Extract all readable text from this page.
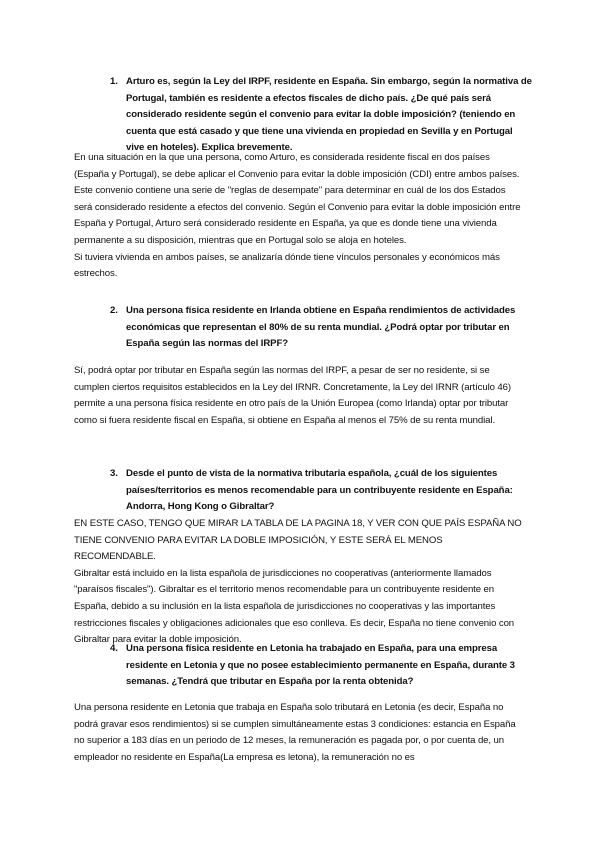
1. Arturo es, según la Ley del IRPF, residente en España. Sin embargo, según la normativa de Portugal, también es residente a efectos fiscales de dicho país. ¿De qué país será considerado residente según el convenio para evitar la doble imposición? (teniendo en cuenta que está casado y que tiene una vivienda en propiedad en Sevilla y en Portugal vive en hoteles). Explica brevemente.

En una situación en la que una persona, como Arturo, es considerada residente fiscal en dos países (España y Portugal), se debe aplicar el Convenio para evitar la doble imposición (CDI) entre ambos países. Este convenio contiene una serie de "reglas de desempate" para determinar en cuál de los dos Estados será considerado residente a efectos del convenio. Según el Convenio para evitar la doble imposición entre España y Portugal, Arturo será considerado residente en España, ya que es donde tiene una vivienda permanente a su disposición, mientras que en Portugal solo se aloja en hoteles.

Si tuviera vivienda en ambos países, se analizaría dónde tiene vínculos personales y económicos más estrechos.

2. Una persona física residente en Irlanda obtiene en España rendimientos de actividades económicas que representan el 80% de su renta mundial. ¿Podrá optar por tributar en España según las normas del IRPF?

Sí, podrá optar por tributar en España según las normas del IRPF, a pesar de ser no residente, si se cumplen ciertos requisitos establecidos en la Ley del IRNR. Concretamente, la Ley del IRNR (artículo 46) permite a una persona física residente en otro país de la Unión Europea (como Irlanda) optar por tributar como si fuera residente fiscal en España, si obtiene en España al menos el 75% de su renta mundial.

3. Desde el punto de vista de la normativa tributaria española, ¿cuál de los siguientes países/territorios es menos recomendable para un contribuyente residente en España: Andorra, Hong Kong o Gibraltar?

EN ESTE CASO, TENGO QUE MIRAR LA TABLA DE LA PAGINA 18, Y VER CON QUE PAÍS ESPAÑA NO TIENE CONVENIO PARA EVITAR LA DOBLE IMPOSICIÓN, Y ESTE SERÁ EL MENOS RECOMENDABLE.

Gibraltar está incluido en la lista española de jurisdicciones no cooperativas (anteriormente llamados "paraísos fiscales"). Gibraltar es el territorio menos recomendable para un contribuyente residente en España, debido a su inclusión en la lista española de jurisdicciones no cooperativas y las importantes restricciones fiscales y obligaciones adicionales que eso conlleva. Es decir, España no tiene convenio con Gibraltar para evitar la doble imposición.

4. Una persona física residente en Letonia ha trabajado en España, para una empresa residente en Letonia y que no posee establecimiento permanente en España, durante 3 semanas. ¿Tendrá que tributar en España por la renta obtenida?

Una persona residente en Letonia que trabaja en España solo tributará en Letonia (es decir, España no podrá gravar esos rendimientos) si se cumplen simultáneamente estas 3 condiciones: estancia en España no superior a 183 días en un periodo de 12 meses, la remuneración es pagada por, o por cuenta de, un empleador no residente en España(La empresa es letona), la remuneración no es
